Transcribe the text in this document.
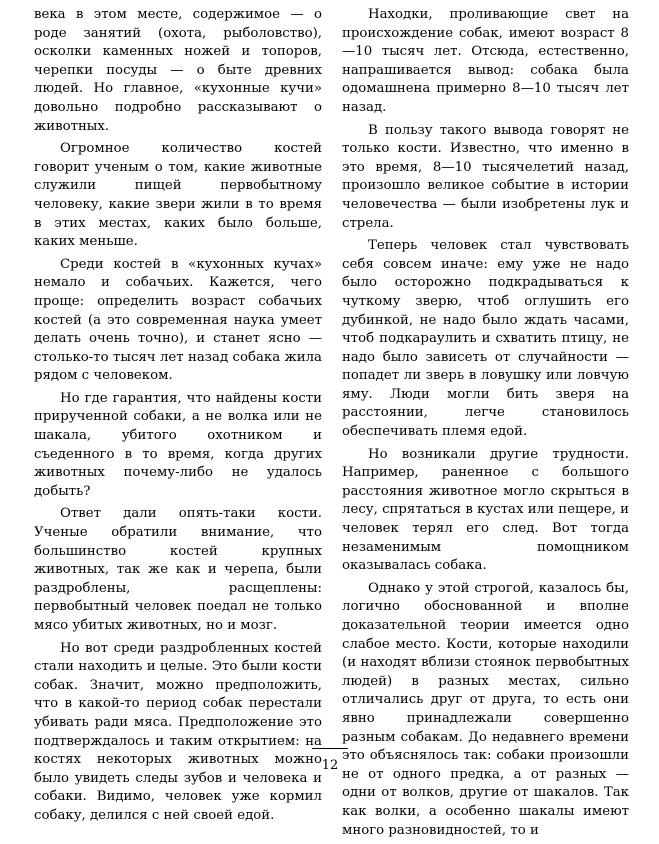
века в этом месте, содержимое — о роде занятий (охота, рыболовство), осколки каменных ножей и топоров, черепки посуды — о быте древних людей. Но главное, «кухонные кучи» довольно подробно рассказывают о животных.

Огромное количество костей говорит ученым о том, какие животные служили пищей первобытному человеку, какие звери жили в то время в этих местах, каких было больше, каких меньше.

Среди костей в «кухонных кучах» немало и собачьих. Кажется, чего проще: определить возраст собачьих костей (а это современная наука умеет делать очень точно), и станет ясно — столько-то тысяч лет назад собака жила рядом с человеком.

Но где гарантия, что найдены кости прирученной собаки, а не волка или не шакала, убитого охотником и съеденного в то время, когда других животных почему-либо не удалось добыть?

Ответ дали опять-таки кости. Ученые обратили внимание, что большинство костей крупных животных, так же как и черепа, были раздроблены, расщеплены: первобытный человек поедал не только мясо убитых животных, но и мозг.

Но вот среди раздробленных костей стали находить и целые. Это были кости собак. Значит, можно предположить, что в какой-то период собак перестали убивать ради мяса. Предположение это подтверждалось и таким открытием: на костях некоторых животных можно было увидеть следы зубов и человека и собаки. Видимо, человек уже кормил собаку, делился с ней своей едой.

Находки, проливающие свет на происхождение собак, имеют возраст 8—10 тысяч лет. Отсюда, естественно, напрашивается вывод: собака была одомашнена примерно 8—10 тысяч лет назад.

В пользу такого вывода говорят не только кости. Известно, что именно в это время, 8—10 тысячелетий назад, произошло великое событие в истории человечества — были изобретены лук и стрела.

Теперь человек стал чувствовать себя совсем иначе: ему уже не надо было осторожно подкрадываться к чуткому зверю, чтоб оглушить его дубинкой, не надо было ждать часами, чтоб подкараулить и схватить птицу, не надо было зависеть от случайности — попадет ли зверь в ловушку или ловчую яму. Люди могли бить зверя на расстоянии, легче становилось обеспечивать племя едой.

Но возникали другие трудности. Например, раненное с большого расстояния животное могло скрыться в лесу, спрятаться в кустах или пещере, и человек терял его след. Вот тогда незаменимым помощником оказывалась собака.

Однако у этой строгой, казалось бы, логично обоснованной и вполне доказательной теории имеется одно слабое место. Кости, которые находили (и находят вблизи стоянок первобытных людей) в разных местах, сильно отличались друг от друга, то есть они явно принадлежали совершенно разным собакам. До недавнего времени это объяснялось так: собаки произошли не от одного предка, а от разных — одни от волков, другие от шакалов. Так как волки, а особенно шакалы имеют много разновидностей, то и

12
